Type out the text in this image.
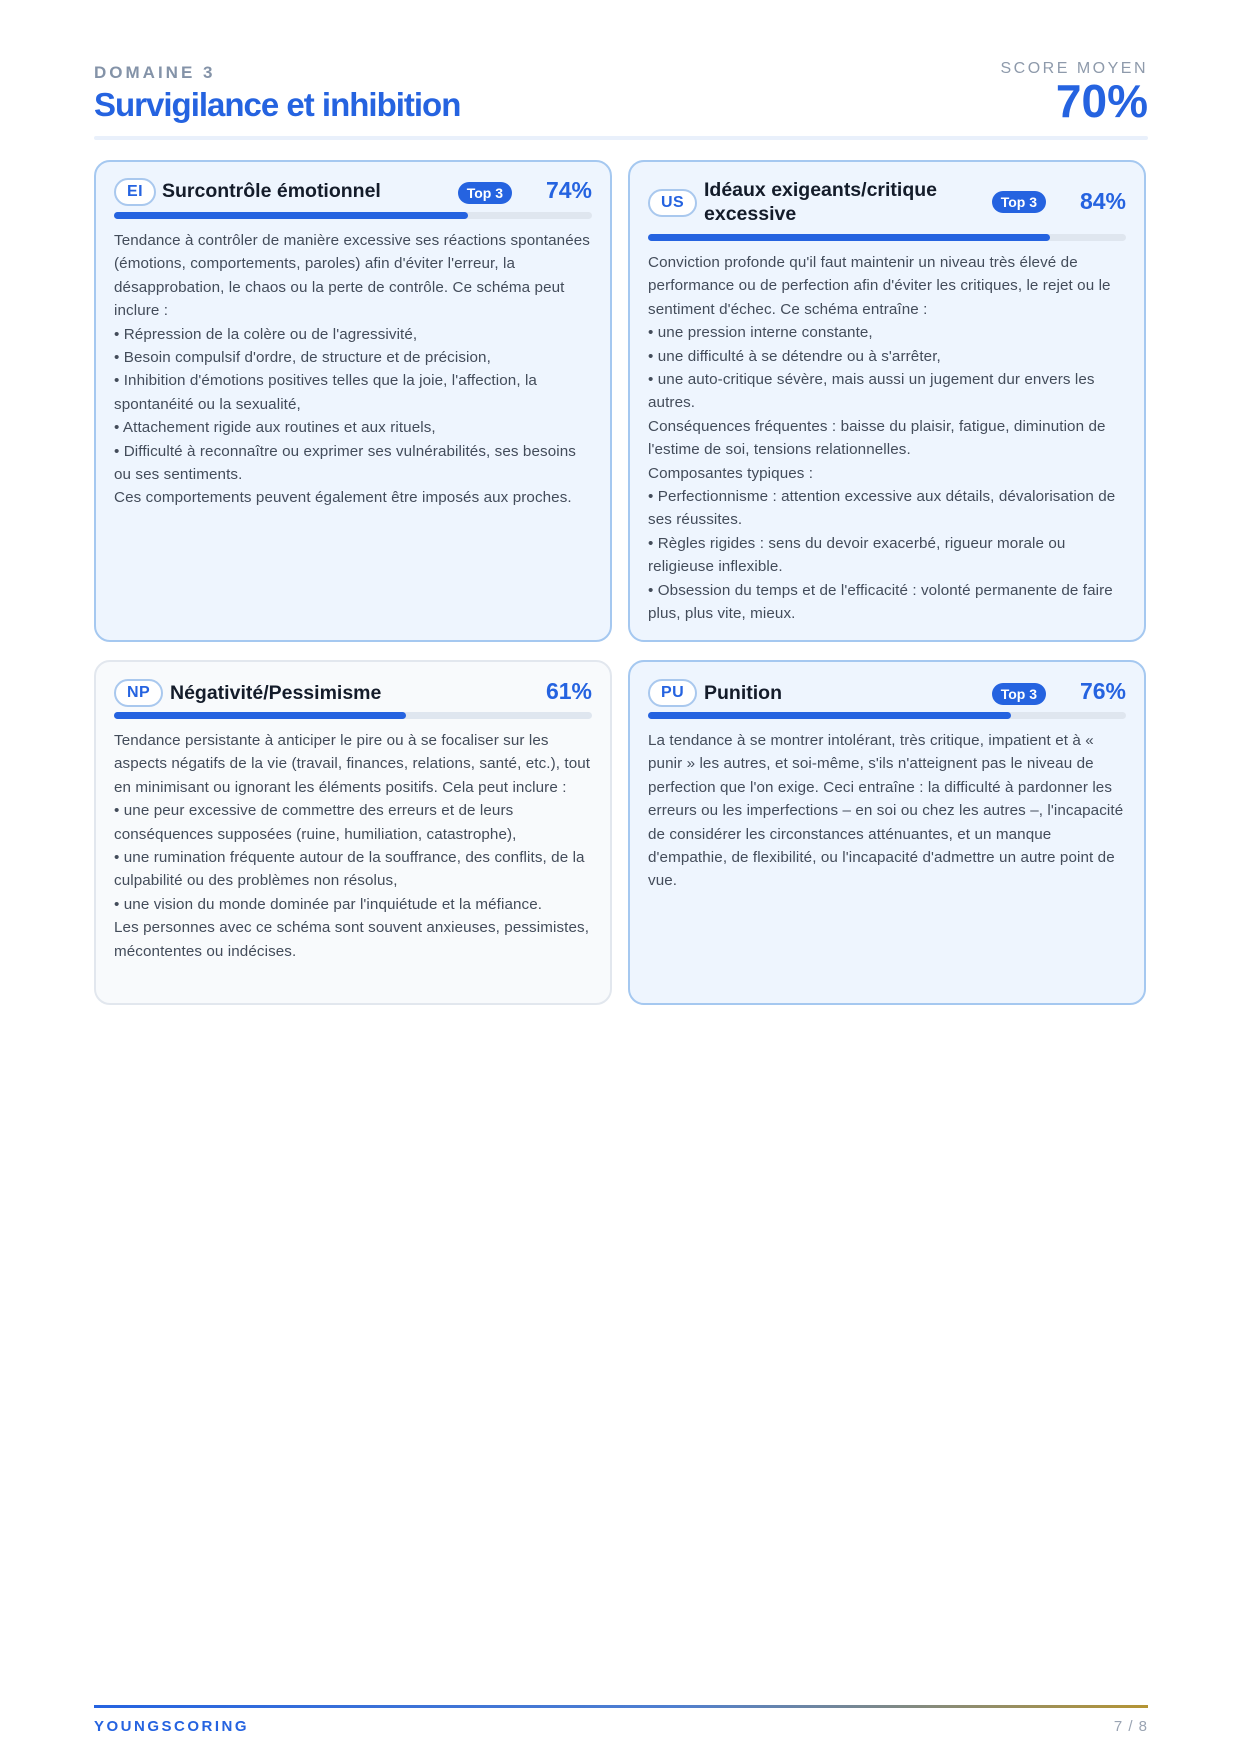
DOMAINE 3
Survigilance et inhibition
SCORE MOYEN
70%
EI Surcontrôle émotionnel	Top 3	74%

Tendance à contrôler de manière excessive ses réactions spontanées (émotions, comportements, paroles) afin d'éviter l'erreur, la désapprobation, le chaos ou la perte de contrôle. Ce schéma peut inclure :
• Répression de la colère ou de l'agressivité,
• Besoin compulsif d'ordre, de structure et de précision,
• Inhibition d'émotions positives telles que la joie, l'affection, la spontanéité ou la sexualité,
• Attachement rigide aux routines et aux rituels,
• Difficulté à reconnaître ou exprimer ses vulnérabilités, ses besoins ou ses sentiments.
Ces comportements peuvent également être imposés aux proches.

US
Idéaux exigeants/critique excessive
Top 3	84%

Conviction profonde qu'il faut maintenir un niveau très élevé de performance ou de perfection afin d'éviter les critiques, le rejet ou le sentiment d'échec. Ce schéma entraîne :
• une pression interne constante,
• une difficulté à se détendre ou à s'arrêter,
• une auto-critique sévère, mais aussi un jugement dur envers les autres.
Conséquences fréquentes : baisse du plaisir, fatigue, diminution de l'estime de soi, tensions relationnelles.
Composantes typiques :
• Perfectionnisme : attention excessive aux détails, dévalorisation de ses réussites.
• Règles rigides : sens du devoir exacerbé, rigueur morale ou religieuse inflexible.
• Obsession du temps et de l'efficacité : volonté permanente de faire plus, plus vite, mieux.

NP	Négativité/Pessimisme	61%

Tendance persistante à anticiper le pire ou à se focaliser sur les aspects négatifs de la vie (travail, finances, relations, santé, etc.), tout en minimisant ou ignorant les éléments positifs. Cela peut inclure :
• une peur excessive de commettre des erreurs et de leurs conséquences supposées (ruine, humiliation, catastrophe),
• une rumination fréquente autour de la souffrance, des conflits, de la culpabilité ou des problèmes non résolus,
• une vision du monde dominée par l'inquiétude et la méfiance.
Les personnes avec ce schéma sont souvent anxieuses, pessimistes, mécontentes ou indécises.

PU	Punition	Top 3	76%

La tendance à se montrer intolérant, très critique, impatient et à « punir » les autres, et soi-même, s'ils n'atteignent pas le niveau de perfection que l'on exige. Ceci entraîne : la difficulté à pardonner les erreurs ou les imperfections – en soi ou chez les autres –, l'incapacité de considérer les circonstances atténuantes, et un manque d'empathie, de flexibilité, ou l'incapacité d'admettre un autre point de vue.

YOUNGSCORING	7 / 8
